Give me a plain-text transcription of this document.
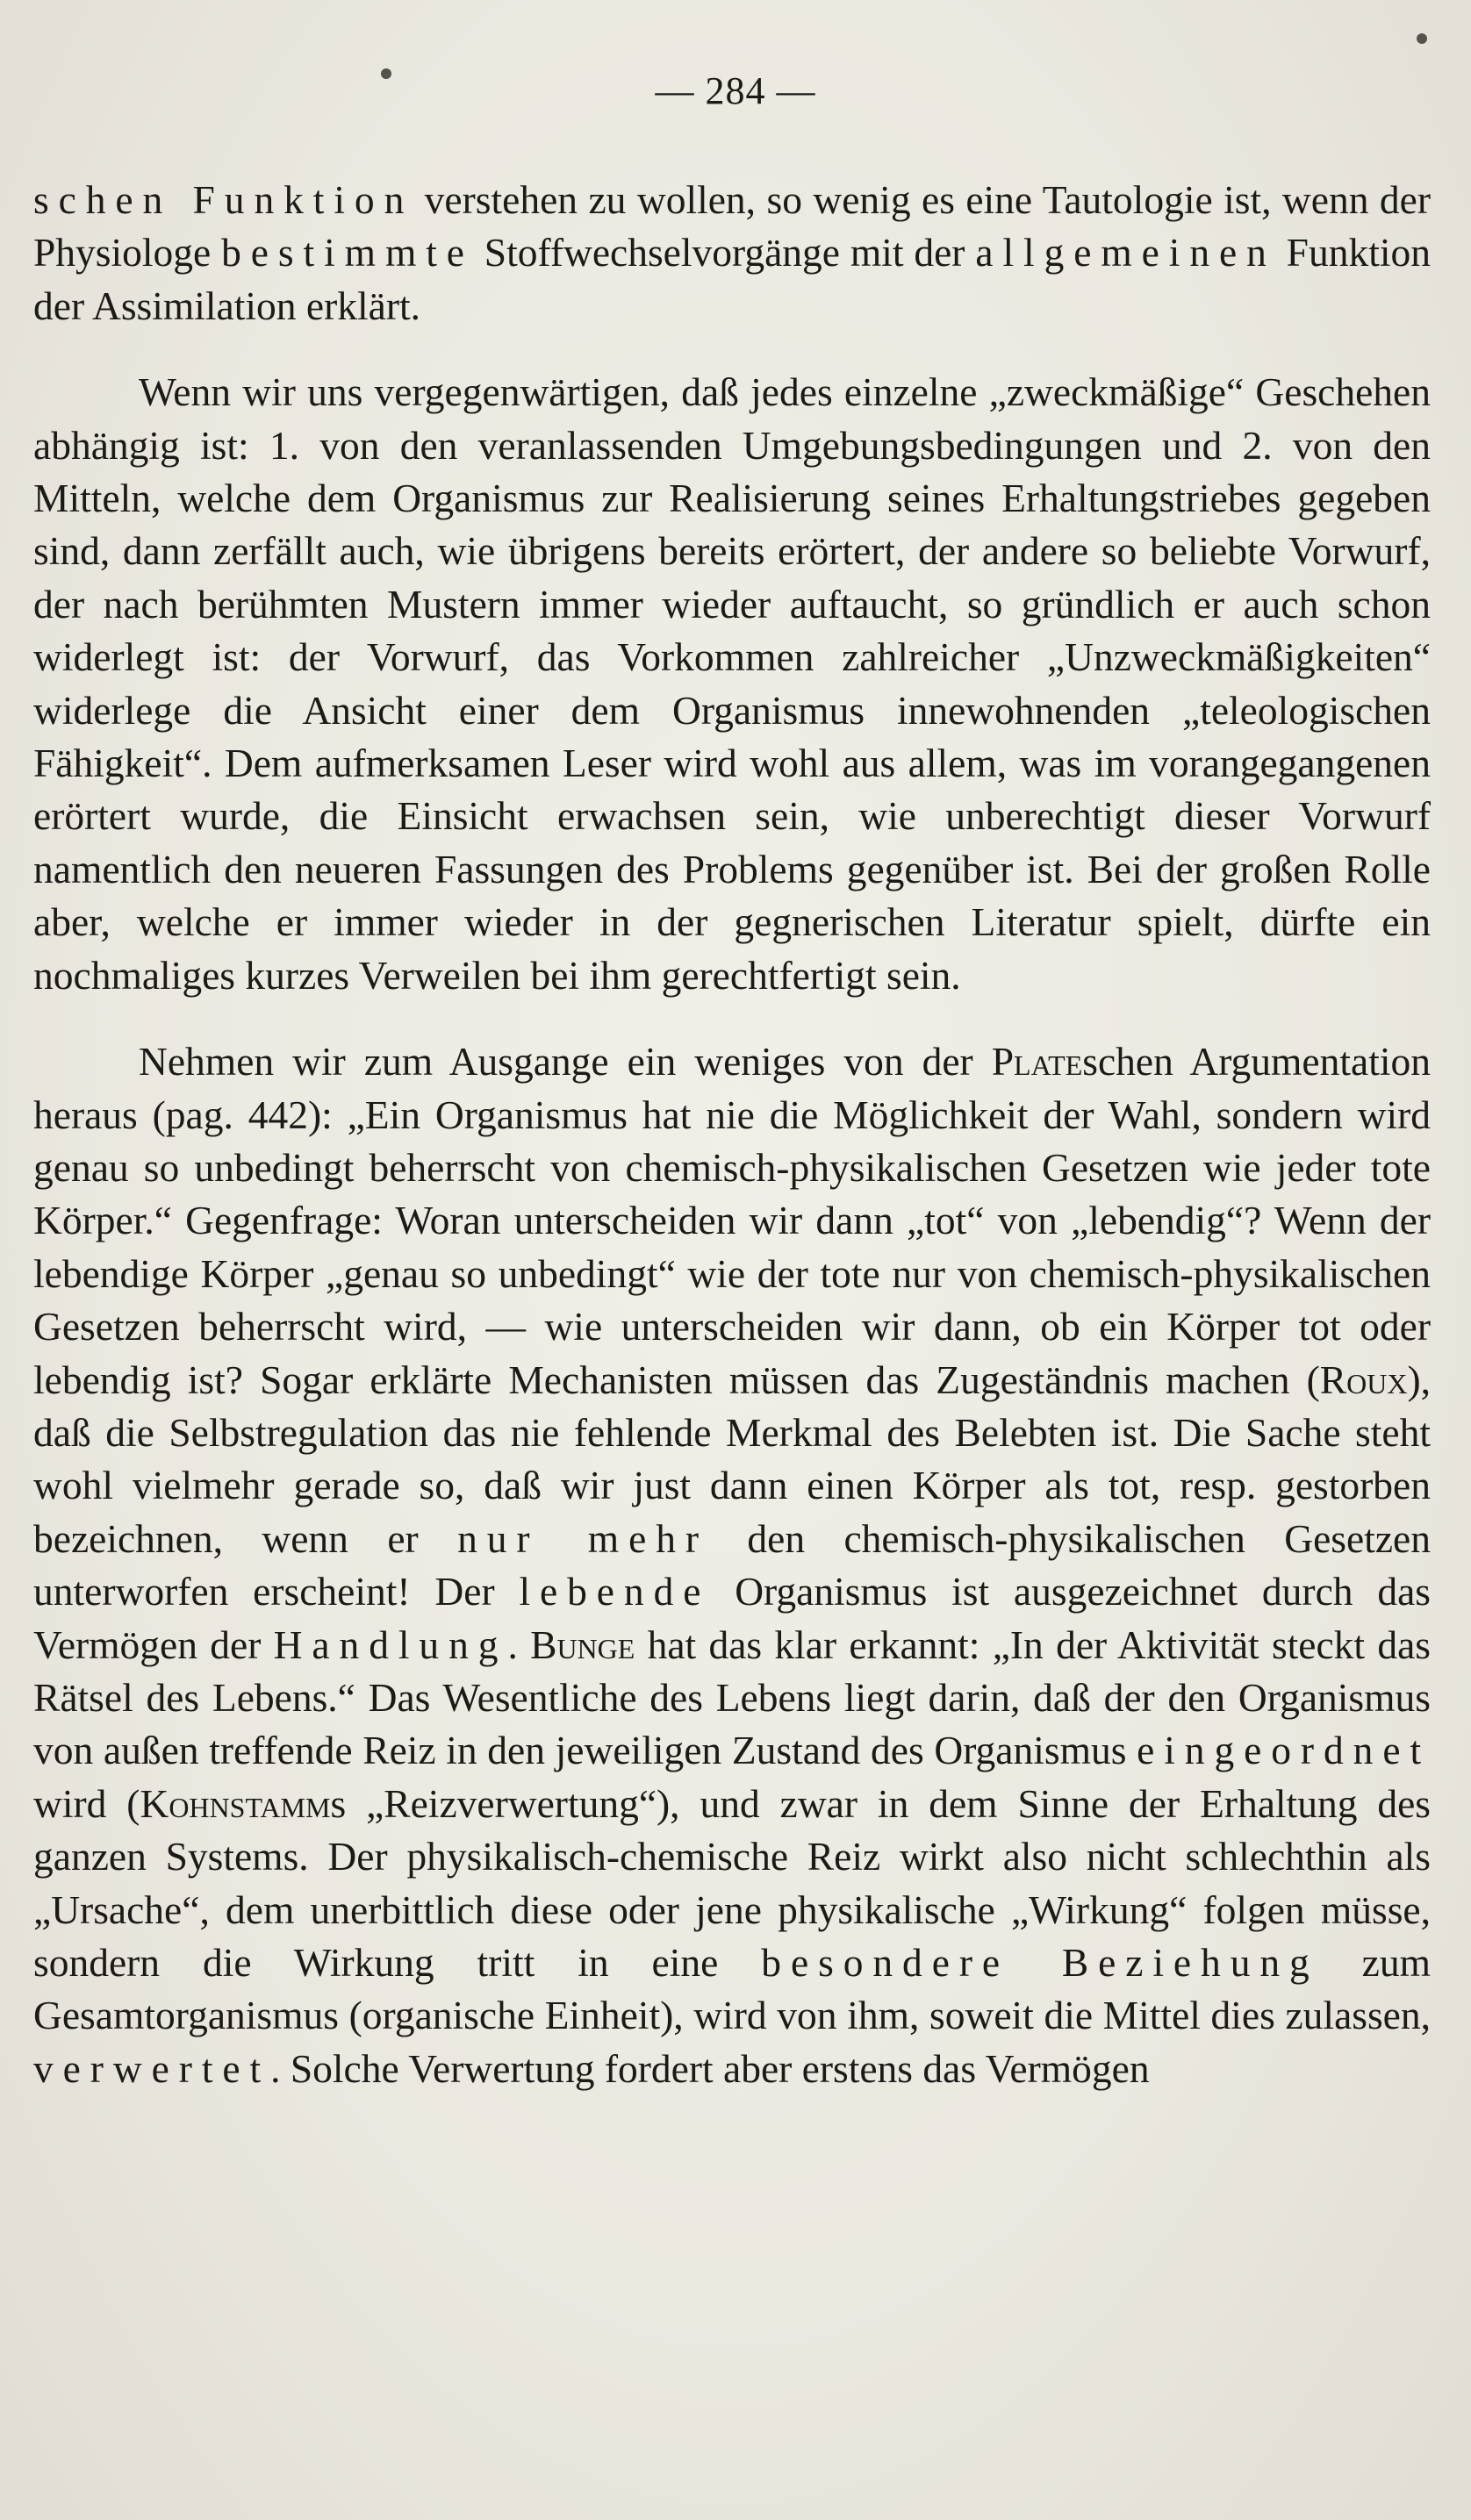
— 284 —

schen Funktion verstehen zu wollen, so wenig es eine Tautologie ist, wenn der Physiologe bestimmte Stoffwechselvorgänge mit der allgemeinen Funktion der Assimilation erklärt.

Wenn wir uns vergegenwärtigen, daß jedes einzelne „zweckmäßige“ Geschehen abhängig ist: 1. von den veranlassenden Umgebungsbedingungen und 2. von den Mitteln, welche dem Organismus zur Realisierung seines Erhaltungstriebes gegeben sind, dann zerfällt auch, wie übrigens bereits erörtert, der andere so beliebte Vorwurf, der nach berühmten Mustern immer wieder auftaucht, so gründlich er auch schon widerlegt ist: der Vorwurf, das Vorkommen zahlreicher „Unzweckmäßigkeiten“ widerlege die Ansicht einer dem Organismus innewohnenden „teleologischen Fähigkeit“. Dem aufmerksamen Leser wird wohl aus allem, was im vorangegangenen erörtert wurde, die Einsicht erwachsen sein, wie unberechtigt dieser Vorwurf namentlich den neueren Fassungen des Problems gegenüber ist. Bei der großen Rolle aber, welche er immer wieder in der gegnerischen Literatur spielt, dürfte ein nochmaliges kurzes Verweilen bei ihm gerechtfertigt sein.

Nehmen wir zum Ausgange ein weniges von der Plateschen Argumentation heraus (pag. 442): „Ein Organismus hat nie die Möglichkeit der Wahl, sondern wird genau so unbedingt beherrscht von chemisch-physikalischen Gesetzen wie jeder tote Körper.“ Gegenfrage: Woran unterscheiden wir dann „tot“ von „lebendig“? Wenn der lebendige Körper „genau so unbedingt“ wie der tote nur von chemisch-physikalischen Gesetzen beherrscht wird, — wie unterscheiden wir dann, ob ein Körper tot oder lebendig ist? Sogar erklärte Mechanisten müssen das Zugeständnis machen (Roux), daß die Selbstregulation das nie fehlende Merkmal des Belebten ist. Die Sache steht wohl vielmehr gerade so, daß wir just dann einen Körper als tot, resp. gestorben bezeichnen, wenn er nur mehr den chemisch-physikalischen Gesetzen unterworfen erscheint! Der lebende Organismus ist ausgezeichnet durch das Vermögen der Handlung. Bunge hat das klar erkannt: „In der Aktivität steckt das Rätsel des Lebens.“ Das Wesentliche des Lebens liegt darin, daß der den Organismus von außen treffende Reiz in den jeweiligen Zustand des Organismus eingeordnet wird (Kohnstamms „Reizverwertung“), und zwar in dem Sinne der Erhaltung des ganzen Systems. Der physikalisch-chemische Reiz wirkt also nicht schlechthin als „Ursache“, dem unerbittlich diese oder jene physikalische „Wirkung“ folgen müsse, sondern die Wirkung tritt in eine besondere Beziehung zum Gesamtorganismus (organische Einheit), wird von ihm, soweit die Mittel dies zulassen, verwertet. Solche Verwertung fordert aber erstens das Vermögen
